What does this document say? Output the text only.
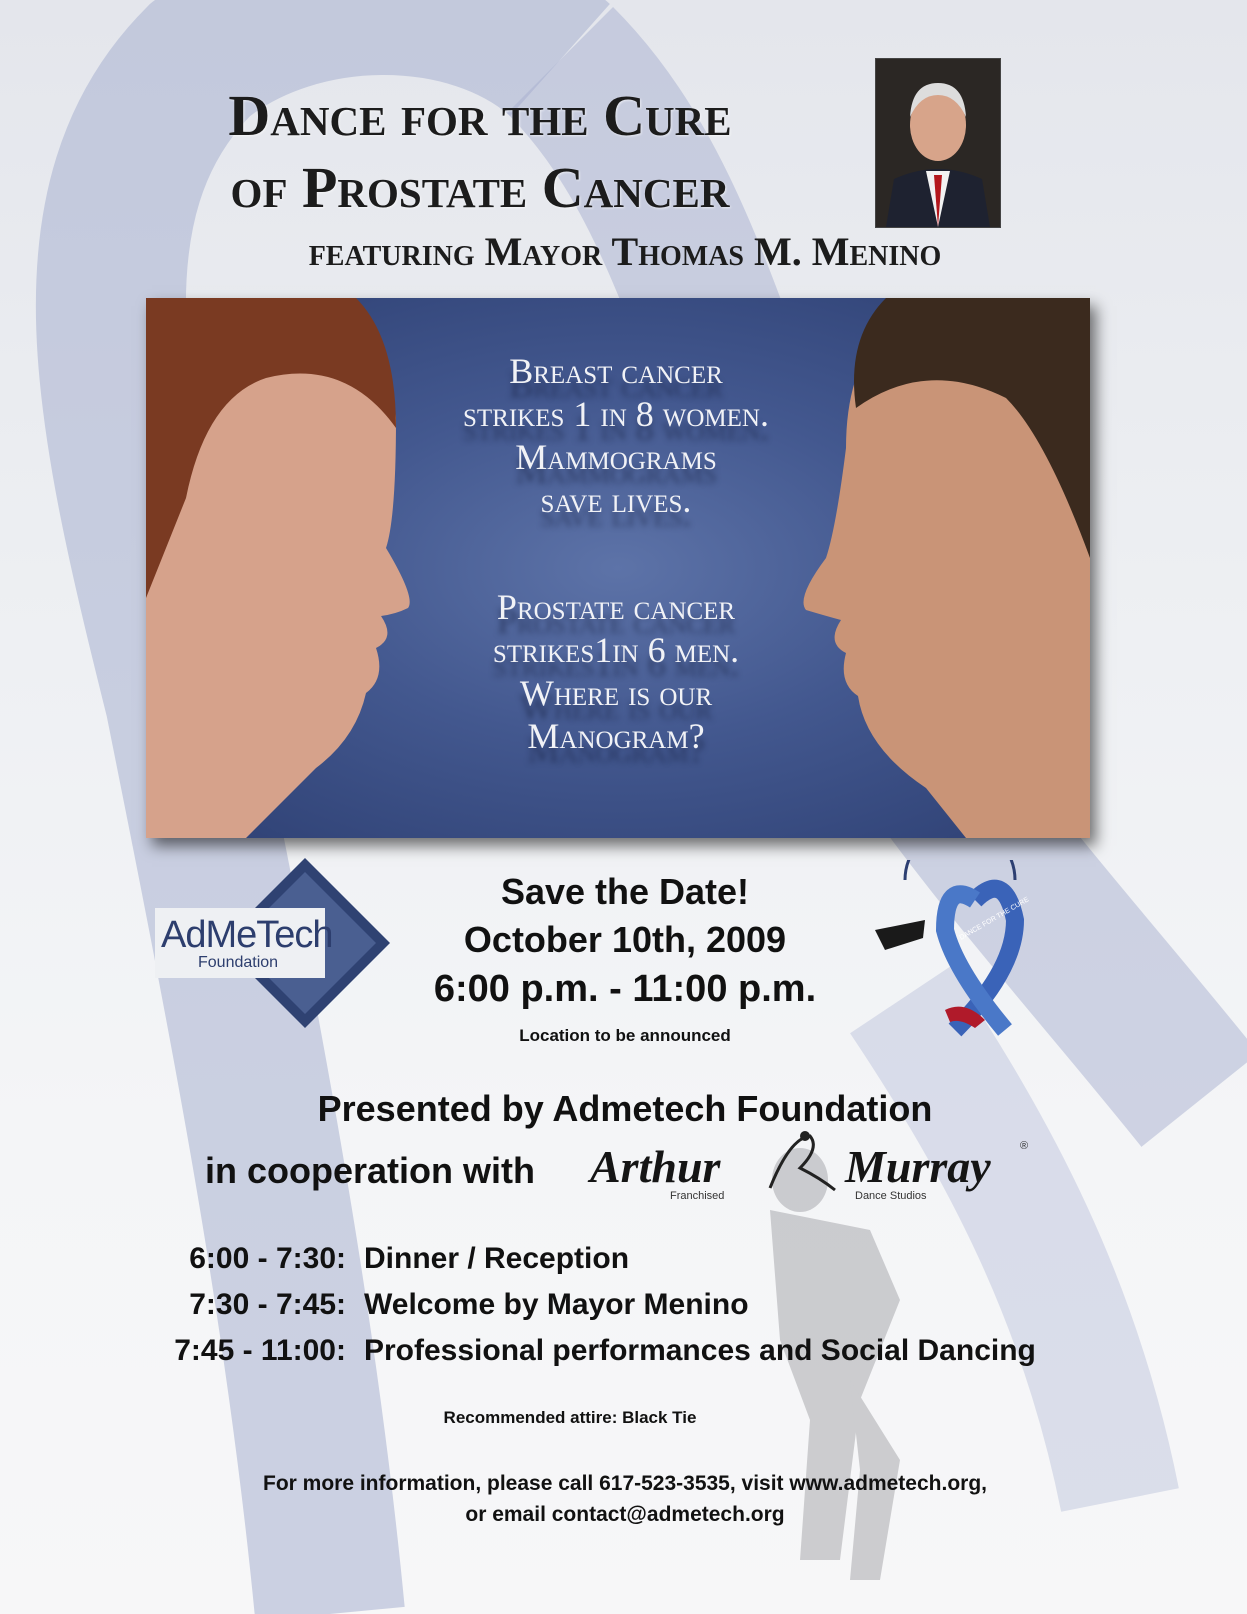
Dance for the Cure
of Prostate Cancer
featuring Mayor Thomas M. Menino
Breast cancer
strikes 1 in 8 women.
Mammograms
save lives.
Prostate cancer
strikes1in 6 men.
Where is our
Manogram?
AdMeTech
Foundation
Save the Date!
October 10th, 2009
6:00 p.m. - 11:00 p.m.
Location to be announced
DANCE FOR THE CURE
Presented by Admetech Foundation
in cooperation with Arthur	Murray	®
Franchised	Dance Studios
6:00 - 7:30: Dinner / Reception
7:30 - 7:45: Welcome by Mayor Menino
7:45 - 11:00: Professional performances and Social Dancing
Recommended attire: Black Tie
For more information, please call 617-523-3535, visit www.admetech.org,
or email contact@admetech.org
